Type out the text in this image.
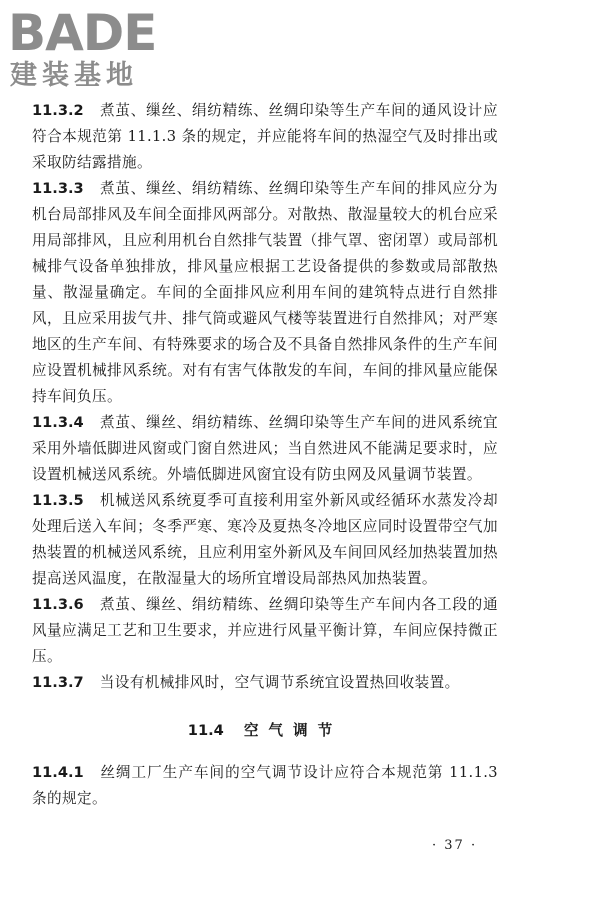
BADE
建装基地

11.3.2 煮茧、缫丝、绢纺精练、丝绸印染等生产车间的通风设计应符合本规范第 11.1.3 条的规定，并应能将车间的热湿空气及时排出或采取防结露措施。

11.3.3 煮茧、缫丝、绢纺精练、丝绸印染等生产车间的排风应分为机台局部排风及车间全面排风两部分。对散热、散湿量较大的机台应采用局部排风，且应利用机台自然排气装置（排气罩、密闭罩）或局部机械排气设备单独排放，排风量应根据工艺设备提供的参数或局部散热量、散湿量确定。车间的全面排风应利用车间的建筑特点进行自然排风，且应采用拔气井、排气筒或避风气楼等装置进行自然排风；对严寒地区的生产车间、有特殊要求的场合及不具备自然排风条件的生产车间应设置机械排风系统。对有有害气体散发的车间，车间的排风量应能保持车间负压。

11.3.4 煮茧、缫丝、绢纺精练、丝绸印染等生产车间的进风系统宜采用外墙低脚进风窗或门窗自然进风；当自然进风不能满足要求时，应设置机械送风系统。外墙低脚进风窗宜设有防虫网及风量调节装置。

11.3.5 机械送风系统夏季可直接利用室外新风或经循环水蒸发冷却处理后送入车间；冬季严寒、寒冷及夏热冬冷地区应同时设置带空气加热装置的机械送风系统，且应利用室外新风及车间回风经加热装置加热提高送风温度，在散湿量大的场所宜增设局部热风加热装置。

11.3.6 煮茧、缫丝、绢纺精练、丝绸印染等生产车间内各工段的通风量应满足工艺和卫生要求，并应进行风量平衡计算，车间应保持微正压。

11.3.7 当设有机械排风时，空气调节系统宜设置热回收装置。

11.4 空气调节

11.4.1 丝绸工厂生产车间的空气调节设计应符合本规范第 11.1.3 条的规定。

· 37 ·
